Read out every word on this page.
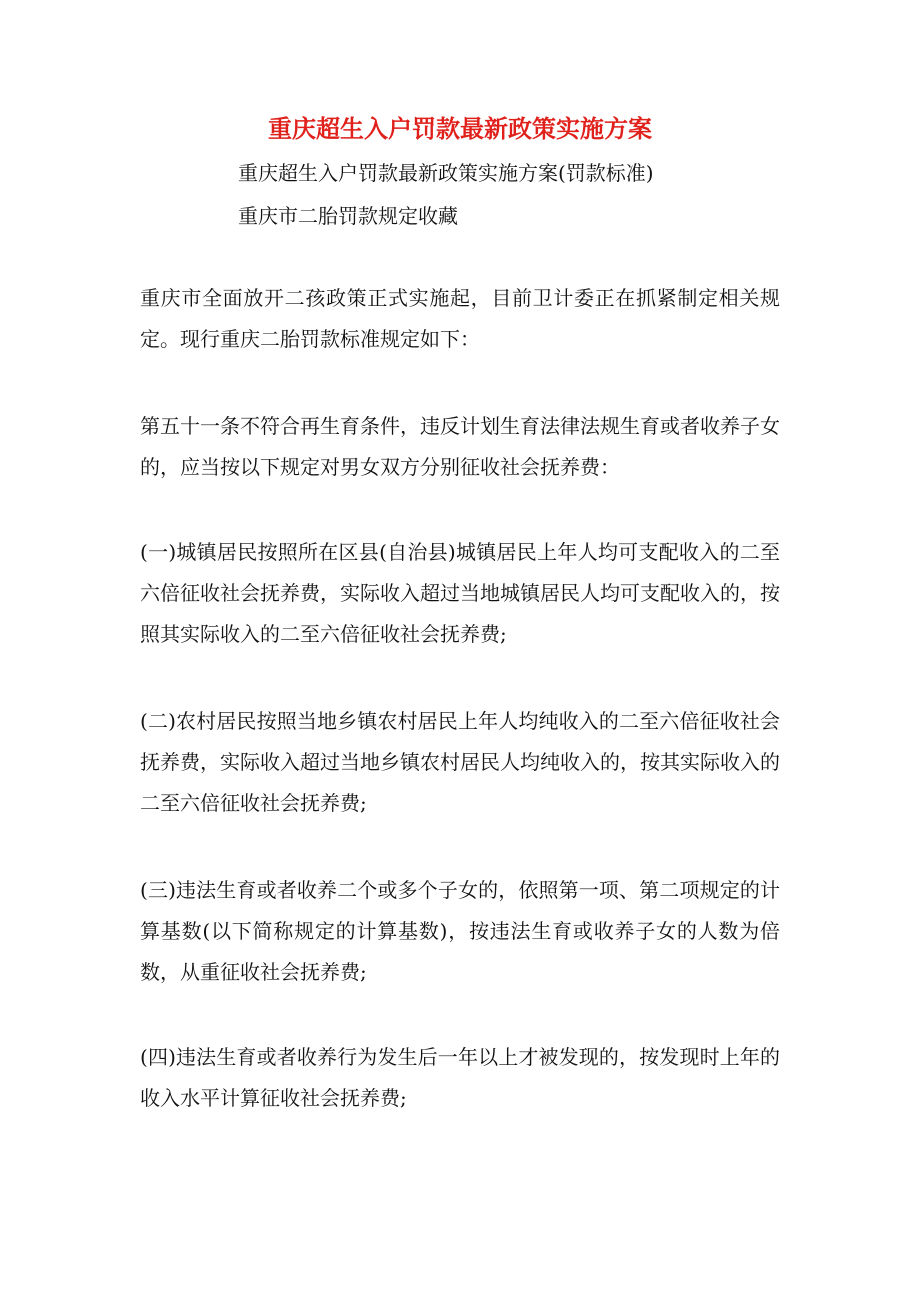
重庆超生入户罚款最新政策实施方案
重庆超生入户罚款最新政策实施方案(罚款标准)
重庆市二胎罚款规定收藏

重庆市全面放开二孩政策正式实施起，目前卫计委正在抓紧制定相关规定。现行重庆二胎罚款标准规定如下：

第五十一条不符合再生育条件，违反计划生育法律法规生育或者收养子女的，应当按以下规定对男女双方分别征收社会抚养费：

(一)城镇居民按照所在区县(自治县)城镇居民上年人均可支配收入的二至六倍征收社会抚养费，实际收入超过当地城镇居民人均可支配收入的，按照其实际收入的二至六倍征收社会抚养费;

(二)农村居民按照当地乡镇农村居民上年人均纯收入的二至六倍征收社会抚养费，实际收入超过当地乡镇农村居民人均纯收入的，按其实际收入的二至六倍征收社会抚养费;

(三)违法生育或者收养二个或多个子女的，依照第一项、第二项规定的计算基数(以下简称规定的计算基数)，按违法生育或收养子女的人数为倍数，从重征收社会抚养费;

(四)违法生育或者收养行为发生后一年以上才被发现的，按发现时上年的收入水平计算征收社会抚养费;
